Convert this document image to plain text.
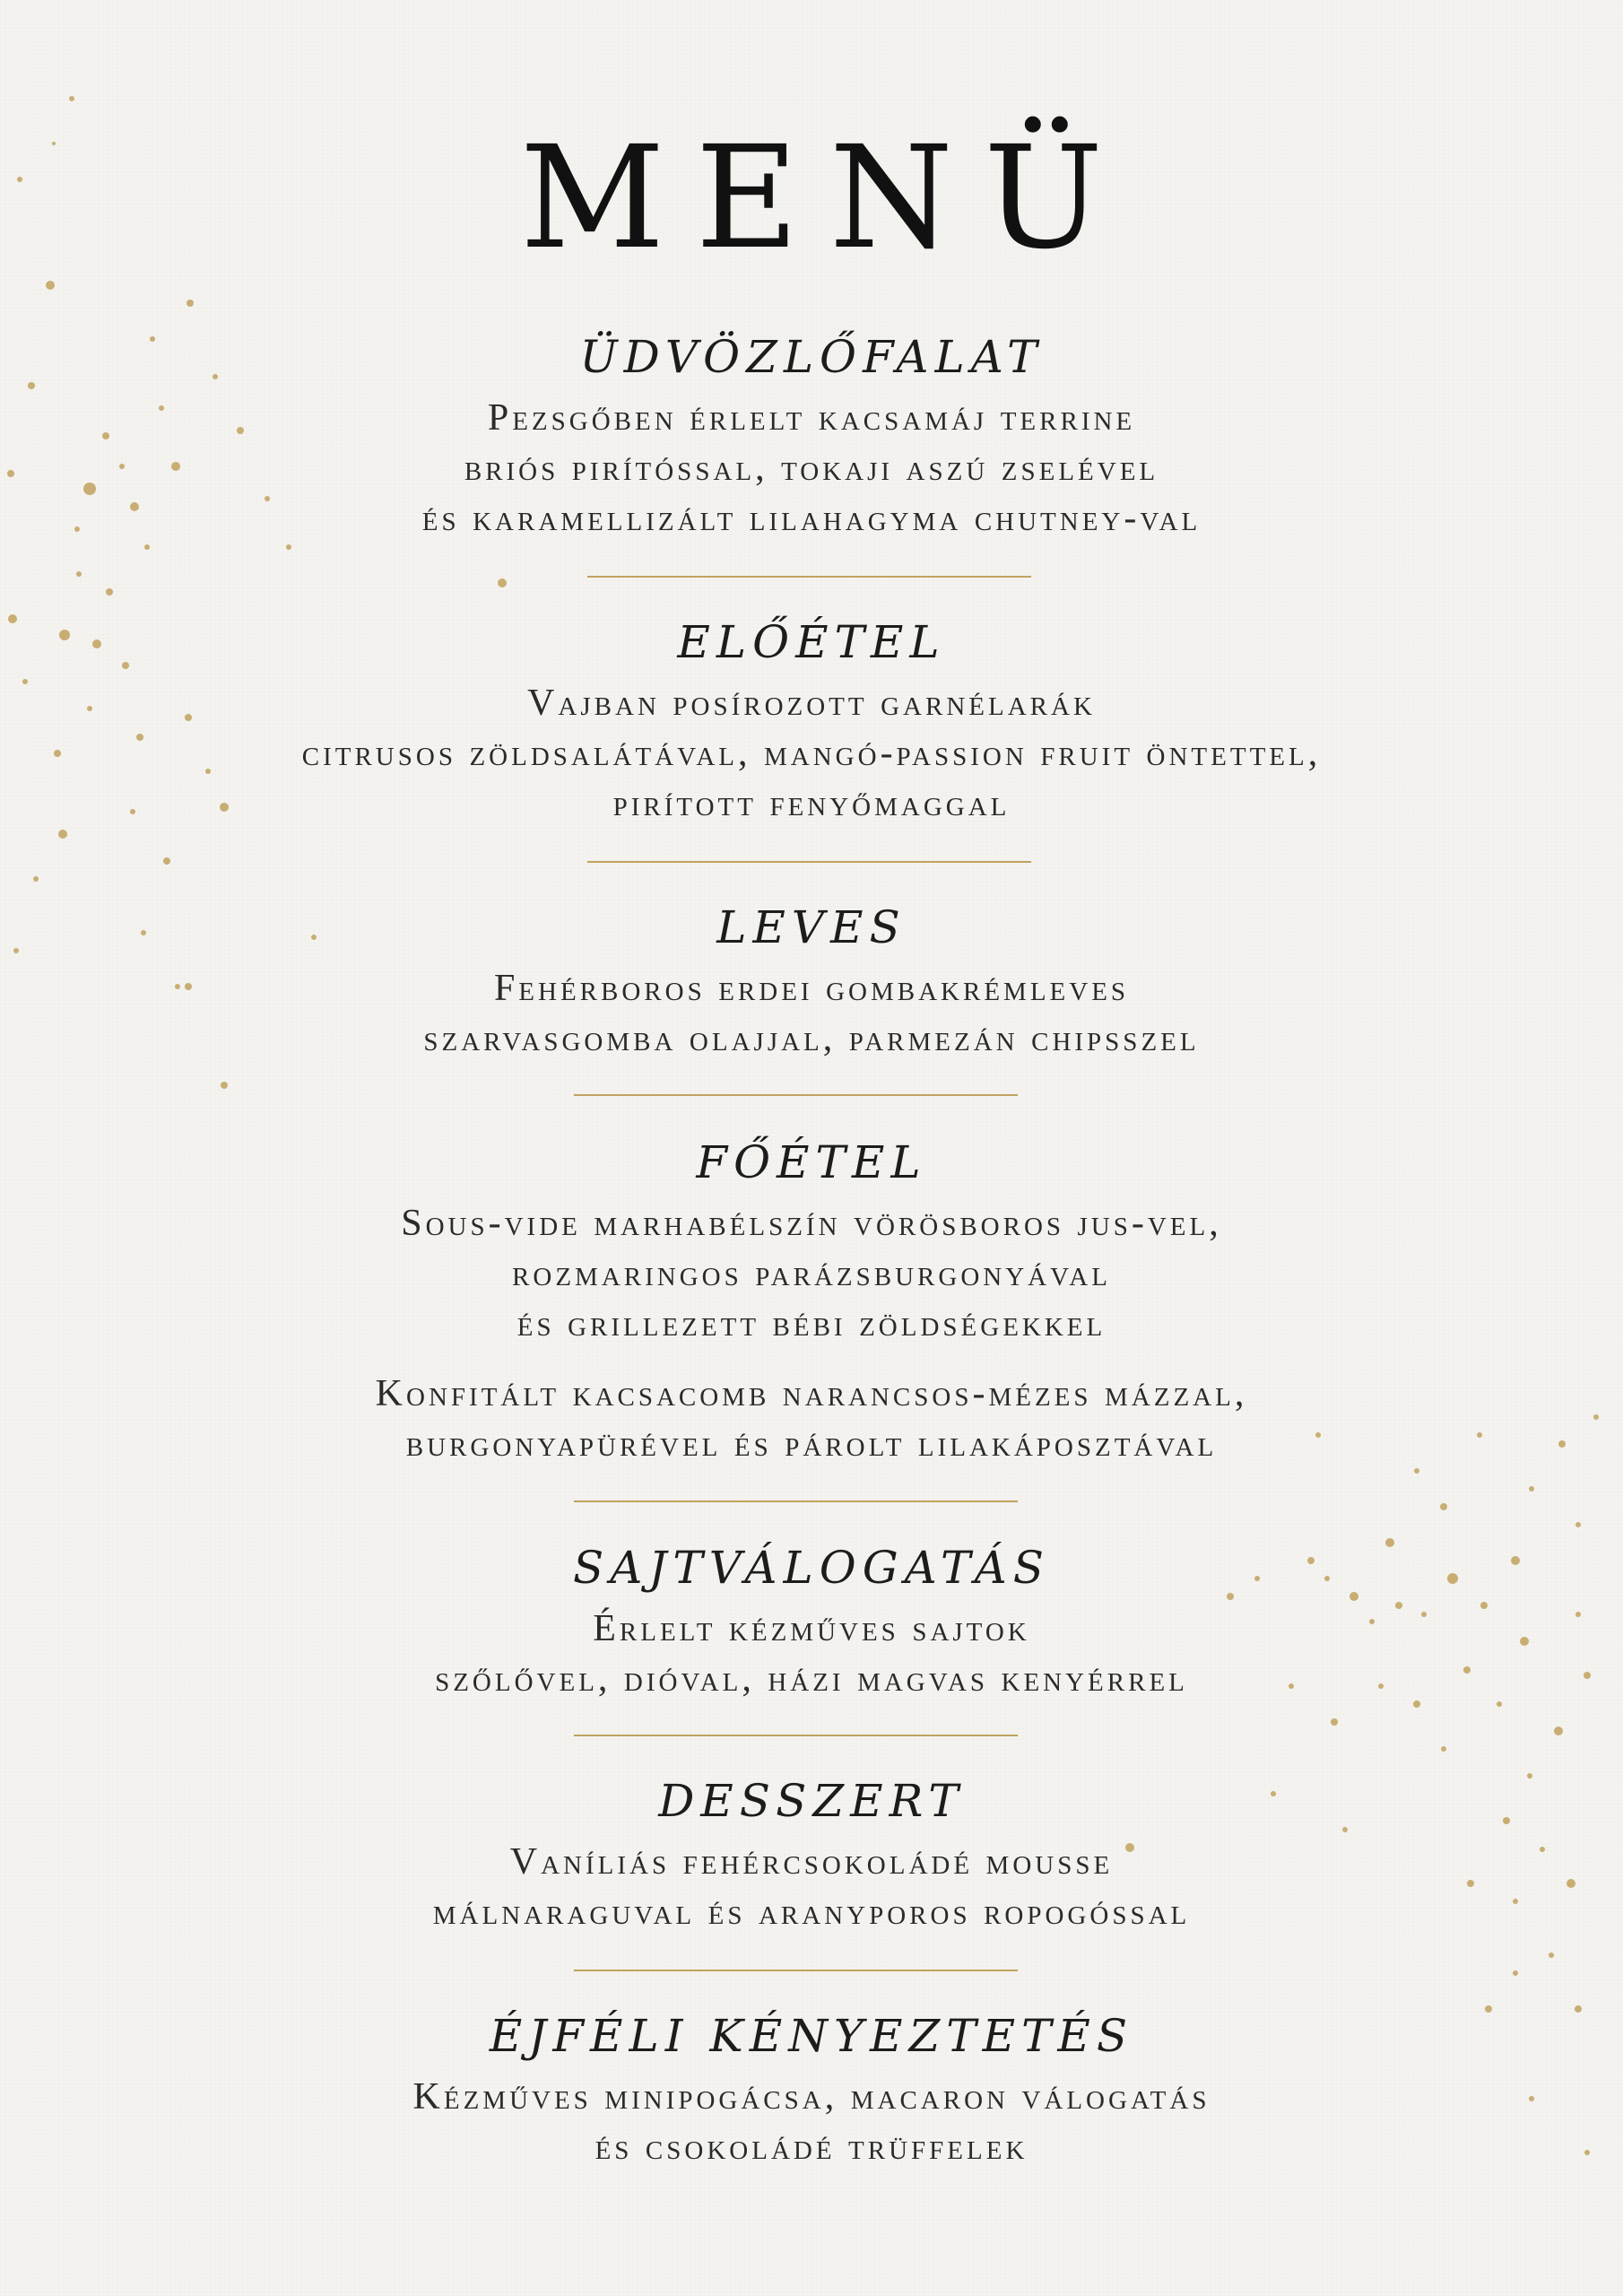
MENÜ
ÜDVÖZLŐFALAT

Pezsgőben érlelt kacsamáj terrine

briós pirítóssal, tokaji aszú zselével

és karamellizált lilahagyma chutney-val

ELŐÉTEL

Vajban posírozott garnélarák

citrusos zöldsalátával, mangó-passion fruit öntettel,

pirított fenyőmaggal

LEVES

Fehérboros erdei gombakrémleves

szarvasgomba olajjal, parmezán chipsszel

FŐÉTEL

Sous-vide marhabélszín vörösboros jus-vel,

rozmaringos parázsburgonyával

és grillezett bébi zöldségekkel

Konfitált kacsacomb narancsos-mézes mázzal,

burgonyapürével és párolt lilakáposztával

SAJTVÁLOGATÁS

Érlelt kézműves sajtok

szőlővel, dióval, házi magvas kenyérrel

DESSZERT

Vaníliás fehércsokoládé mousse

málnaraguval és aranyporos ropogóssal

ÉJFÉLI KÉNYEZTETÉS

Kézműves minipogácsa, macaron válogatás

és csokoládé trüffelek
